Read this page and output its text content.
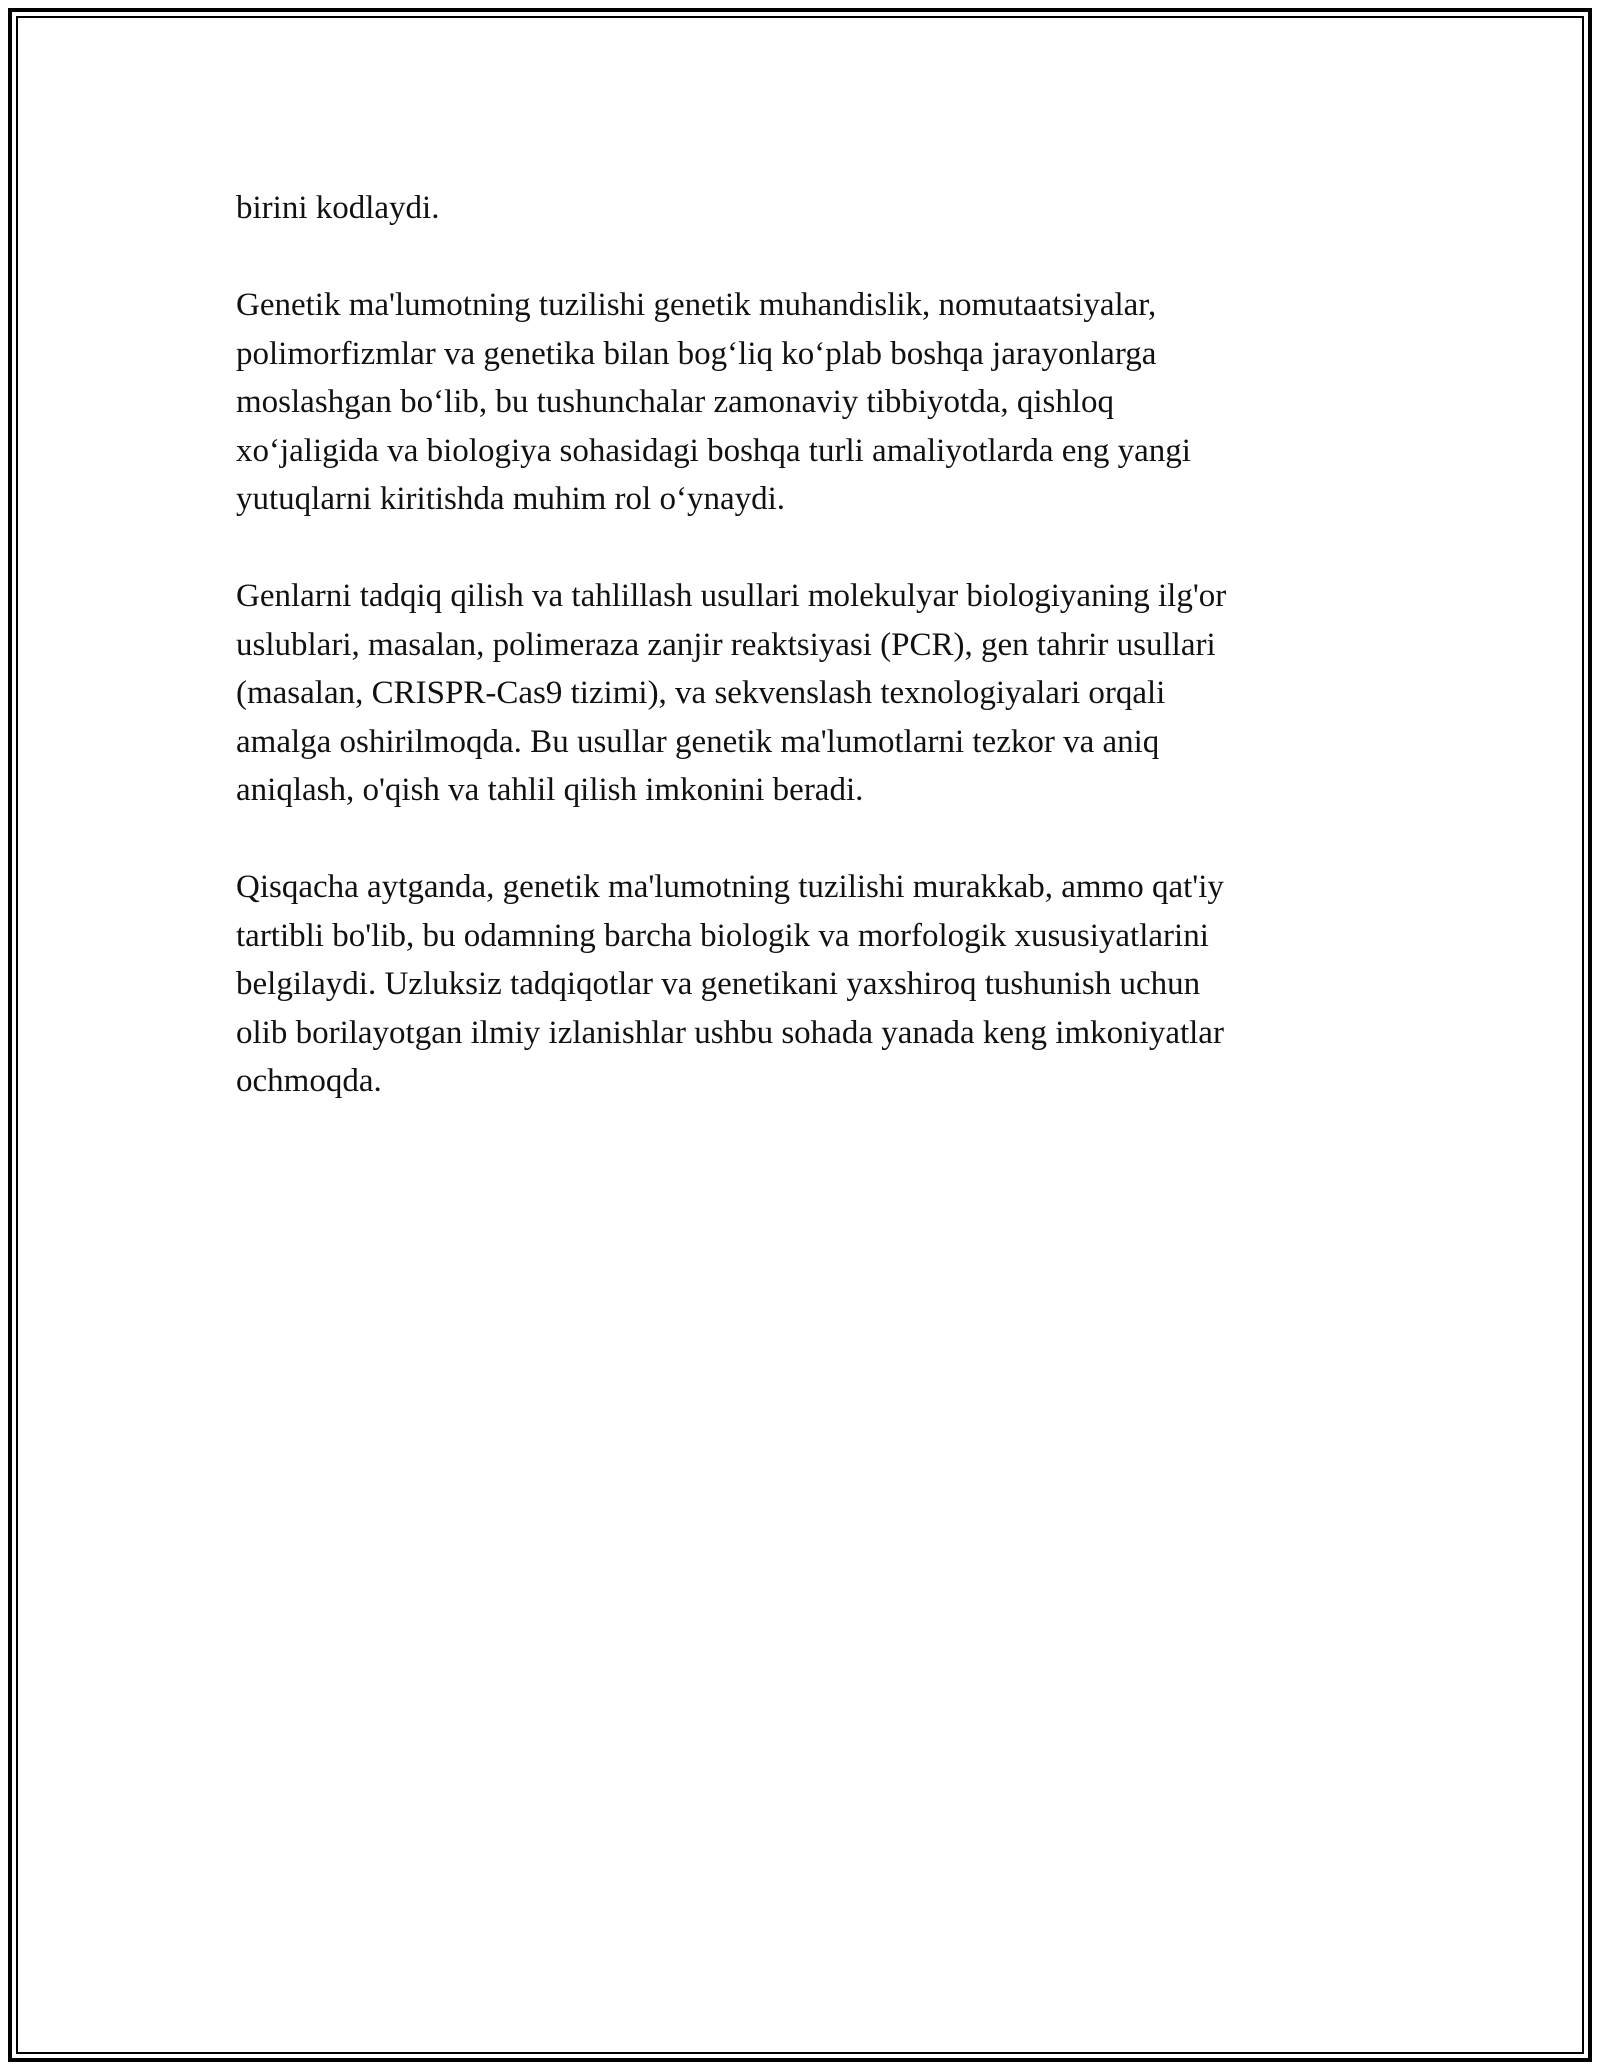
birini kodlaydi.

Genetik ma'lumotning tuzilishi genetik muhandislik, nomutaatsiyalar,
polimorfizmlar va genetika bilan bog‘liq ko‘plab boshqa jarayonlarga
moslashgan bo‘lib, bu tushunchalar zamonaviy tibbiyotda, qishloq
xo‘jaligida va biologiya sohasidagi boshqa turli amaliyotlarda eng yangi
yutuqlarni kiritishda muhim rol o‘ynaydi.

Genlarni tadqiq qilish va tahlillash usullari molekulyar biologiyaning ilg'or
uslublari, masalan, polimeraza zanjir reaktsiyasi (PCR), gen tahrir usullari
(masalan, CRISPR-Cas9 tizimi), va sekvenslash texnologiyalari orqali
amalga oshirilmoqda. Bu usullar genetik ma'lumotlarni tezkor va aniq
aniqlash, o'qish va tahlil qilish imkonini beradi.

Qisqacha aytganda, genetik ma'lumotning tuzilishi murakkab, ammo qat'iy
tartibli bo'lib, bu odamning barcha biologik va morfologik xususiyatlarini
belgilaydi. Uzluksiz tadqiqotlar va genetikani yaxshiroq tushunish uchun
olib borilayotgan ilmiy izlanishlar ushbu sohada yanada keng imkoniyatlar
ochmoqda.
